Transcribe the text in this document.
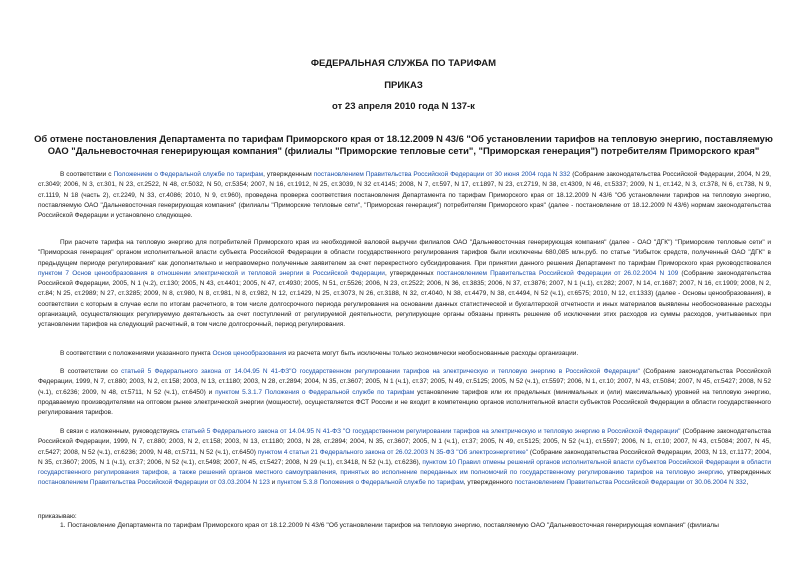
ФЕДЕРАЛЬНАЯ СЛУЖБА ПО ТАРИФАМ
ПРИКАЗ
от 23 апреля 2010 года N 137-к
Об отмене постановления Департамента по тарифам Приморского края от 18.12.2009 N 43/6 "Об установлении тарифов на тепловую энергию, поставляемую ОАО "Дальневосточная генерирующая компания" (филиалы "Приморские тепловые сети", "Приморская генерация") потребителям Приморского края"
В соответствии с Положением о Федеральной службе по тарифам, утвержденным постановлением Правительства Российской Федерации от 30 июня 2004 года N 332 (Собрание законодательства Российской Федерации, 2004, N 29, ст.3049; 2006, N 3, ст.301, N 23, ст.2522, N 48, ст.5032, N 50, ст.5354; 2007, N 16, ст.1912, N 25, ст.3039, N 32 ст.4145; 2008, N 7, ст.597, N 17, ст.1897, N 23, ст.2719, N 38, ст.4309, N 46, ст.5337; 2009, N 1, ст.142, N 3, ст.378, N 6, ст.738, N 9, ст.1119, N 18 (часть 2), ст.2249, N 33, ст.4086; 2010, N 9, ст.960), проведена проверка соответствия постановления Департамента по тарифам Приморского края от 18.12.2009 N 43/6 "Об установлении тарифов на тепловую энергию, поставляемую ОАО "Дальневосточная генерирующая компания" (филиалы "Приморские тепловые сети", "Приморская генерация") потребителям Приморского края" (далее - постановление от 18.12.2009 N 43/6) нормам законодательства Российской Федерации и установлено следующее.
При расчете тарифа на тепловую энергию для потребителей Приморского края из необходимой валовой выручки филиалов ОАО "Дальневосточная генерирующая компания" (далее - ОАО "ДГК") "Приморские тепловые сети" и "Приморская генерация" органом исполнительной власти субъекта Российской Федерации в области государственного регулирования тарифов были исключены 680,085 млн.руб. по статье "Избыток средств, полученный ОАО "ДГК" в предыдущем периоде регулирования" как дополнительно и неправомерно полученные заявителем за счет перекрестного субсидирования. При принятии данного решения Департамент по тарифам Приморского края руководствовался пунктом 7 Основ ценообразования в отношении электрической и тепловой энергии в Российской Федерации, утвержденных постановлением Правительства Российской Федерации от 26.02.2004 N 109 (Собрание законодательства Российской Федерации, 2005, N 1 (ч.2), ст.130; 2005, N 43, ст.4401; 2005, N 47, ст.4930; 2005, N 51, ст.5526; 2006, N 23, ст.2522; 2006, N 36, ст.3835; 2006, N 37, ст.3876; 2007, N 1 (ч.1), ст.282; 2007, N 14, ст.1687; 2007, N 16, ст.1909; 2008, N 2, ст.84; N 25, ст.2989; N 27, ст.3285; 2009, N 8, ст.980, N 8, ст.981, N 8, ст.982, N 12, ст.1429, N 25, ст.3073, N 26, ст.3188, N 32, ст.4040, N 38, ст.4479, N 38, ст.4494, N 52 (ч.1), ст.6575; 2010, N 12, ст.1333) (далее - Основы ценообразования), в соответствии с которым в случае если по итогам расчетного, в том числе долгосрочного периода регулирования на основании данных статистической и бухгалтерской отчетности и иных материалов выявлены необоснованные расходы организаций, осуществляющих регулируемую деятельность за счет поступлений от регулируемой деятельности, регулирующие органы обязаны принять решение об исключении этих расходов из суммы расходов, учитываемых при установлении тарифов на следующий расчетный, в том числе долгосрочный, период регулирования.
В соответствии с положениями указанного пункта Основ ценообразования из расчета могут быть исключены только экономически необоснованные расходы организации.
В соответствии со статьей 5 Федерального закона от 14.04.95 N 41-ФЗ"О государственном регулировании тарифов на электрическую и тепловую энергию в Российской Федерации" (Собрание законодательства Российской Федерации, 1999, N 7, ст.880; 2003, N 2, ст.158; 2003, N 13, ст.1180; 2003, N 28, ст.2894; 2004, N 35, ст.3607; 2005, N 1 (ч.1), ст.37; 2005, N 49, ст.5125; 2005, N 52 (ч.1), ст.5597; 2006, N 1, ст.10; 2007, N 43, ст.5084; 2007, N 45, ст.5427; 2008, N 52 (ч.1), ст.6236; 2009, N 48, ст.5711, N 52 (ч.1), ст.6450) и пунктом 5.3.1.7 Положения о Федеральной службе по тарифам установление тарифов или их предельных (минимальных и (или) максимальных) уровней на тепловую энергию, продаваемую производителями на оптовом рынке электрической энергии (мощности), осуществляется ФСТ России и не входит в компетенцию органов исполнительной власти субъектов Российской Федерации в области государственного регулирования тарифов.
В связи с изложенным, руководствуясь статьей 5 Федерального закона от 14.04.95 N 41-ФЗ "О государственном регулировании тарифов на электрическую и тепловую энергию в Российской Федерации" (Собрание законодательства Российской Федерации, 1999, N 7, ст.880; 2003, N 2, ст.158; 2003, N 13, ст.1180; 2003, N 28, ст.2894; 2004, N 35, ст.3607; 2005, N 1 (ч.1), ст.37; 2005, N 49, ст.5125; 2005, N 52 (ч.1), ст.5597; 2006, N 1, ст.10; 2007, N 43, ст.5084; 2007, N 45, ст.5427; 2008, N 52 (ч.1), ст.6236; 2009, N 48, ст.5711, N 52 (ч.1), ст.6450) пунктом 4 статьи 21 Федерального закона от 26.02.2003 N 35-ФЗ "Об электроэнергетике" (Собрание законодательства Российской Федерации, 2003, N 13, ст.1177; 2004, N 35, ст.3607; 2005, N 1 (ч.1), ст.37; 2006, N 52 (ч.1), ст.5498; 2007, N 45, ст.5427; 2008, N 29 (ч.1), ст.3418, N 52 (ч.1), ст.6236), пунктом 10 Правил отмены решений органов исполнительной власти субъектов Российской Федерации в области государственного регулирования тарифов, а также решений органов местного самоуправления, принятых во исполнение переданных им полномочий по государственному регулированию тарифов на тепловую энергию, утвержденных постановлением Правительства Российской Федерации от 03.03.2004 N 123 и пунктом 5.3.8 Положения о Федеральной службе по тарифам, утвержденного постановлением Правительства Российской Федерации от 30.06.2004 N 332,
приказываю:
1. Постановление Департамента по тарифам Приморского края от 18.12.2009 N 43/6 "Об установлении тарифов на тепловую энергию, поставляемую ОАО "Дальневосточная генерирующая компания" (филиалы
